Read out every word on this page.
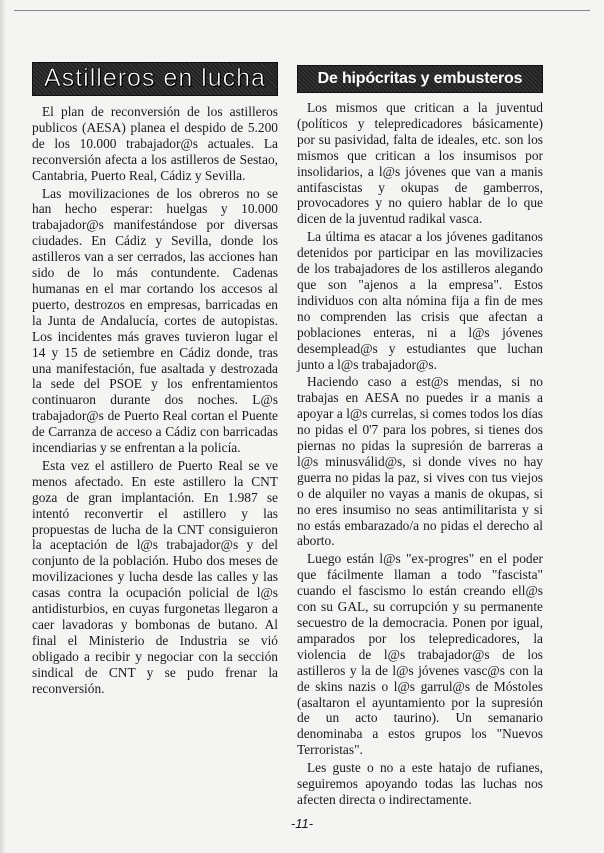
Astilleros en lucha

El plan de reconversión de los astilleros publicos (AESA) planea el despido de 5.200 de los 10.000 trabajador@s actuales. La reconversión afecta a los astilleros de Sestao, Cantabria, Puerto Real, Cádiz y Sevilla.

Las movilizaciones de los obreros no se han hecho esperar: huelgas y 10.000 trabajador@s manifestándose por diversas ciudades. En Cádiz y Sevilla, donde los astilleros van a ser cerrados, las acciones han sido de lo más contundente. Cadenas humanas en el mar cortando los accesos al puerto, destrozos en empresas, barricadas en la Junta de Andalucía, cortes de autopistas. Los incidentes más graves tuvieron lugar el 14 y 15 de setiembre en Cádiz donde, tras una manifestación, fue asaltada y destrozada la sede del PSOE y los enfrentamientos continuaron durante dos noches. L@s trabajador@s de Puerto Real cortan el Puente de Carranza de acceso a Cádiz con barricadas incendiarias y se enfrentan a la policía.

Esta vez el astillero de Puerto Real se ve menos afectado. En este astillero la CNT goza de gran implantación. En 1.987 se intentó reconvertir el astillero y las propuestas de lucha de la CNT consiguieron la aceptación de l@s trabajador@s y del conjunto de la población. Hubo dos meses de movilizaciones y lucha desde las calles y las casas contra la ocupación policial de l@s antidisturbios, en cuyas furgonetas llegaron a caer lavadoras y bombonas de butano. Al final el Ministerio de Industria se vió obligado a recibir y negociar con la sección sindical de CNT y se pudo frenar la reconversión.

De hipócritas y embusteros

Los mismos que critican a la juventud (políticos y telepredicadores básicamente) por su pasividad, falta de ideales, etc. son los mismos que critican a los insumisos por insolidarios, a l@s jóvenes que van a manis antifascistas y okupas de gamberros, provocadores y no quiero hablar de lo que dicen de la juventud radikal vasca.

La última es atacar a los jóvenes gaditanos detenidos por participar en las movilizacies de los trabajadores de los astilleros alegando que son "ajenos a la empresa". Estos individuos con alta nómina fija a fin de mes no comprenden las crisis que afectan a poblaciones enteras, ni a l@s jóvenes desemplead@s y estudiantes que luchan junto a l@s trabajador@s.

Haciendo caso a est@s mendas, si no trabajas en AESA no puedes ir a manis a apoyar a l@s currelas, si comes todos los días no pidas el 0'7 para los pobres, si tienes dos piernas no pidas la supresión de barreras a l@s minusválid@s, si donde vives no hay guerra no pidas la paz, si vives con tus viejos o de alquiler no vayas a manis de okupas, si no eres insumiso no seas antimilitarista y si no estás embarazado/a no pidas el derecho al aborto.

Luego están l@s "ex-progres" en el poder que fácilmente llaman a todo "fascista" cuando el fascismo lo están creando ell@s con su GAL, su corrupción y su permanente secuestro de la democracia. Ponen por igual, amparados por los telepredicadores, la violencia de l@s trabajador@s de los astilleros y la de l@s jóvenes vasc@s con la de skins nazis o l@s garrul@s de Móstoles (asaltaron el ayuntamiento por la supresión de un acto taurino). Un semanario denominaba a estos grupos los "Nuevos Terroristas".

Les guste o no a este hatajo de rufianes, seguiremos apoyando todas las luchas nos afecten directa o indirectamente.

-11-
